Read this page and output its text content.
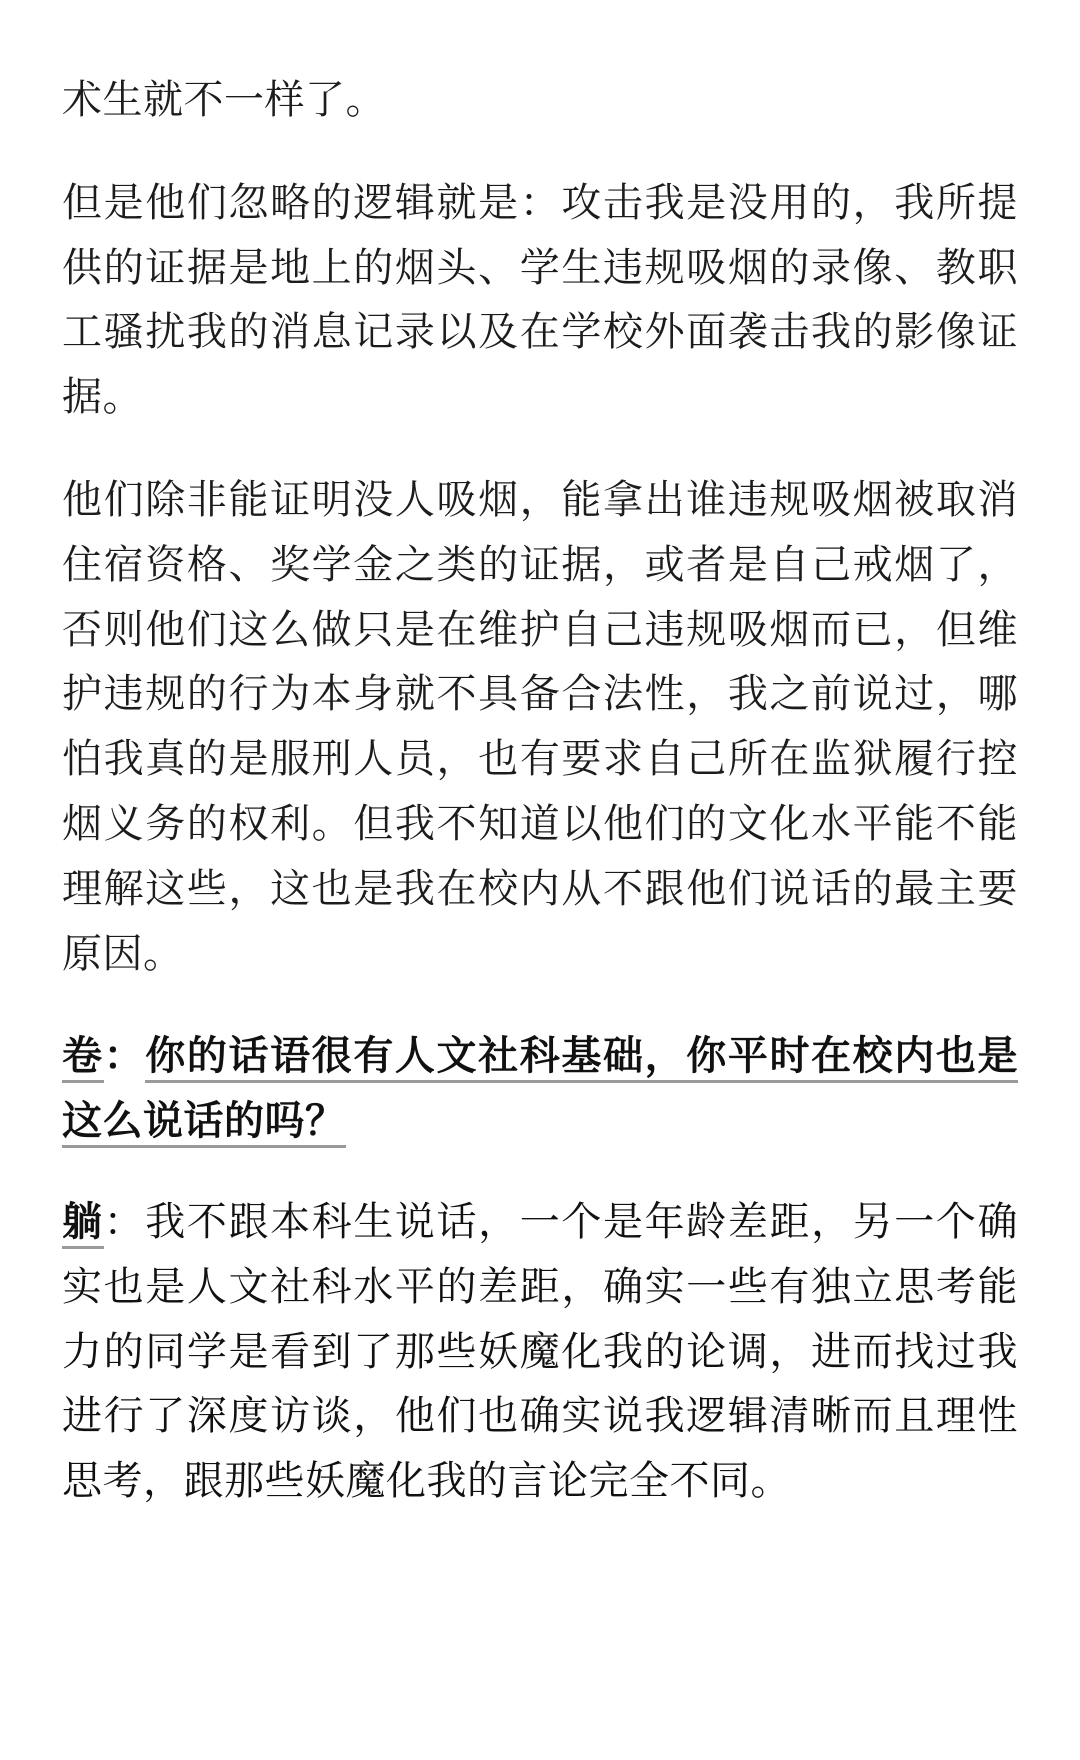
术生就不一样了。

但是他们忽略的逻辑就是：攻击我是没用的，我所提供的证据是地上的烟头、学生违规吸烟的录像、教职工骚扰我的消息记录以及在学校外面袭击我的影像证据。

他们除非能证明没人吸烟，能拿出谁违规吸烟被取消住宿资格、奖学金之类的证据，或者是自己戒烟了，否则他们这么做只是在维护自己违规吸烟而已，但维护违规的行为本身就不具备合法性，我之前说过，哪怕我真的是服刑人员，也有要求自己所在监狱履行控烟义务的权利。但我不知道以他们的文化水平能不能理解这些，这也是我在校内从不跟他们说话的最主要原因。

卷：你的话语很有人文社科基础，你平时在校内也是这么说话的吗？

躺：我不跟本科生说话，一个是年龄差距，另一个确实也是人文社科水平的差距，确实一些有独立思考能力的同学是看到了那些妖魔化我的论调，进而找过我进行了深度访谈，他们也确实说我逻辑清晰而且理性思考，跟那些妖魔化我的言论完全不同。
